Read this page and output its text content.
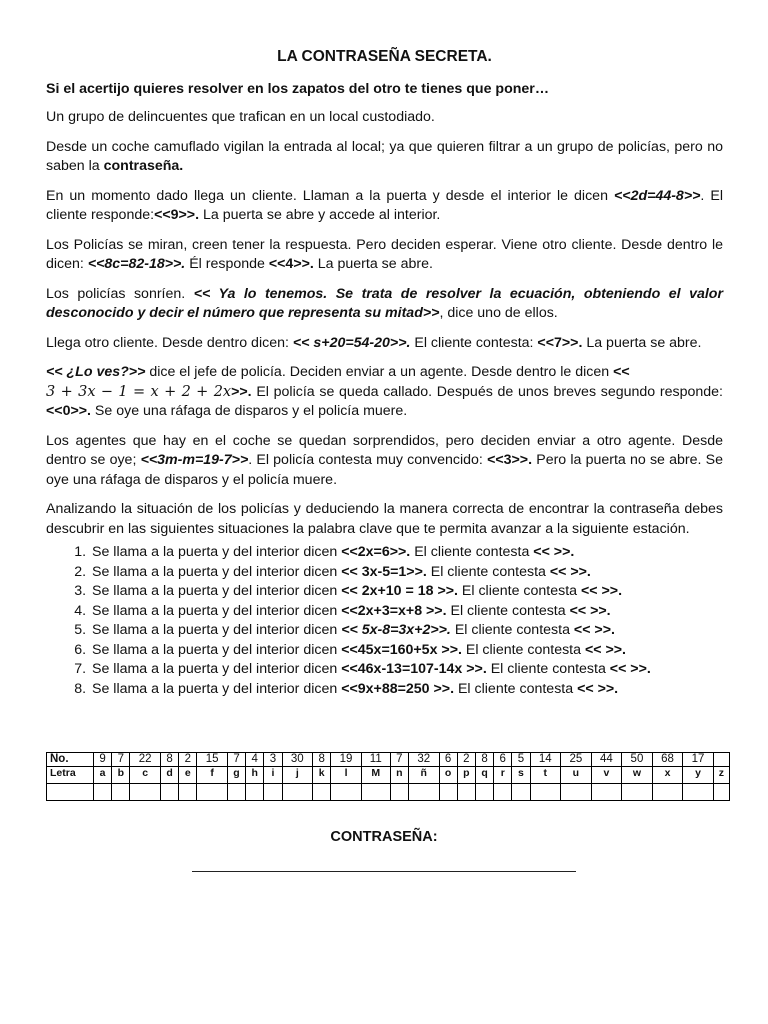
LA CONTRASEÑA SECRETA.
Si el acertijo quieres resolver en los zapatos del otro te tienes que poner…

Un grupo de delincuentes que trafican en un local custodiado.

Desde un coche camuflado vigilan la entrada al local; ya que quieren filtrar a un grupo de policías, pero no saben la contraseña.

En un momento dado llega un cliente. Llaman a la puerta y desde el interior le dicen <<2d=44-8>>. El cliente responde:<<9>>. La puerta se abre y accede al interior.

Los Policías se miran, creen tener la respuesta. Pero deciden esperar. Viene otro cliente. Desde dentro le dicen: <<8c=82-18>>. Él responde <<4>>. La puerta se abre.

Los policías sonríen. << Ya lo tenemos. Se trata de resolver la ecuación, obteniendo el valor desconocido y decir el número que representa su mitad>>, dice uno de ellos.

Llega otro cliente. Desde dentro dicen: << s+20=54-20>>. El cliente contesta: <<7>>. La puerta se abre.

<< ¿Lo ves?>> dice el jefe de policía. Deciden enviar a un agente. Desde dentro le dicen <<
3 + 3x − 1 = x + 2 + 2x>>. El policía se queda callado. Después de unos breves segundo responde: <<0>>. Se oye una ráfaga de disparos y el policía muere.

Los agentes que hay en el coche se quedan sorprendidos, pero deciden enviar a otro agente. Desde dentro se oye; <<3m-m=19-7>>. El policía contesta muy convencido: <<3>>. Pero la puerta no se abre. Se oye una ráfaga de disparos y el policía muere.

Analizando la situación de los policías y deduciendo la manera correcta de encontrar la contraseña debes descubrir en las siguientes situaciones la palabra clave que te permita avanzar a la siguiente estación.

1. Se llama a la puerta y del interior dicen <<2x=6>>. El cliente contesta << >>.
2. Se llama a la puerta y del interior dicen << 3x-5=1>>. El cliente contesta << >>.
3. Se llama a la puerta y del interior dicen << 2x+10 = 18 >>. El cliente contesta << >>.
4. Se llama a la puerta y del interior dicen <<2x+3=x+8 >>. El cliente contesta << >>.
5. Se llama a la puerta y del interior dicen << 5x-8=3x+2>>. El cliente contesta << >>.
6. Se llama a la puerta y del interior dicen <<45x=160+5x >>. El cliente contesta << >>.
7. Se llama a la puerta y del interior dicen <<46x-13=107-14x >>. El cliente contesta << >>.
8. Se llama a la puerta y del interior dicen <<9x+88=250 >>. El cliente contesta << >>.
No.	9	7	22	8	2	15	7	4	3	30	8	19	11	7	32	6	2	8	6	5	14	25	44	50	68	17	
Letra	a	b	c	d	e	f	g	h	i	j	k	l	M	n	ñ	o	p	q	r	s	t	u	v	w	x	y	z

CONTRASEÑA:
